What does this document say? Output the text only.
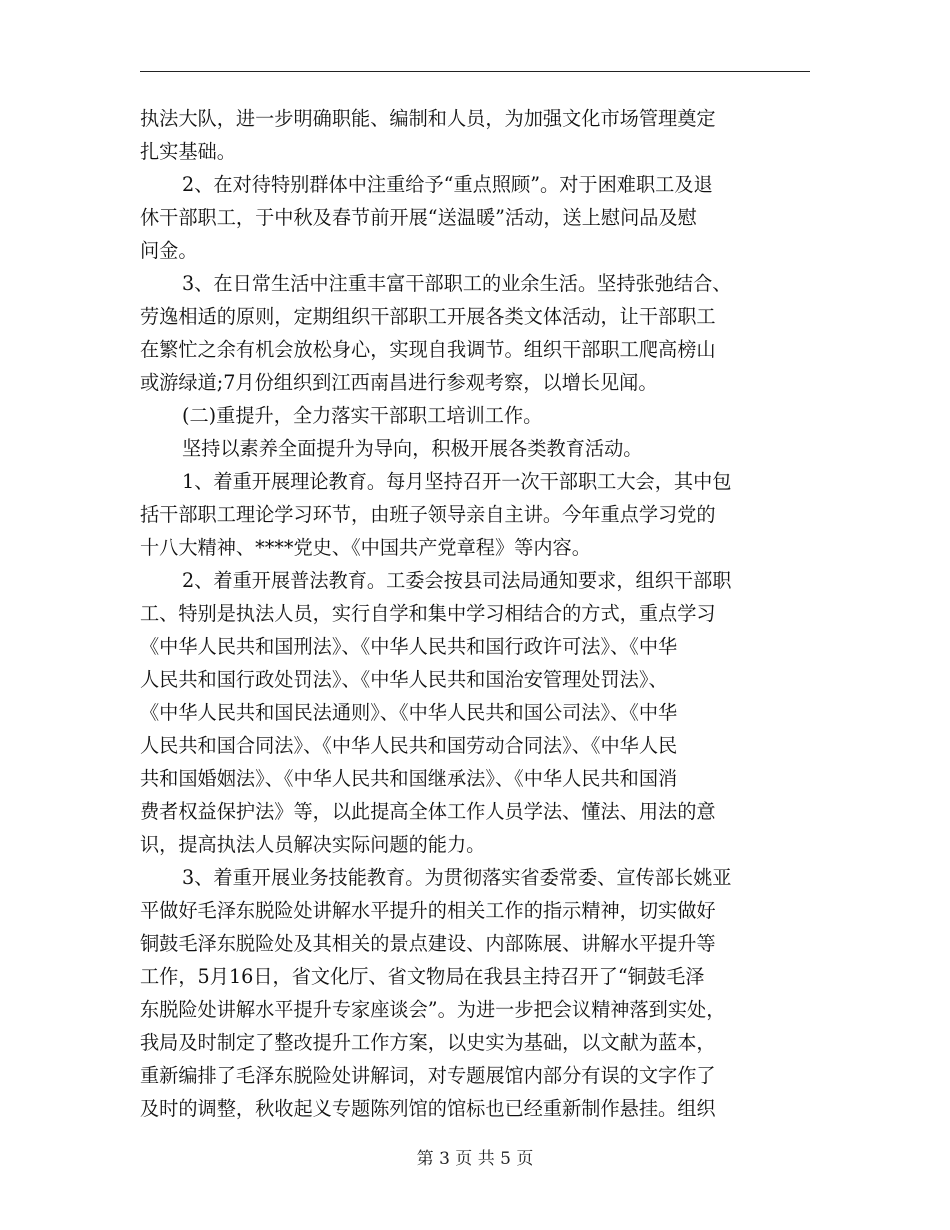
执法大队，进一步明确职能、编制和人员，为加强文化市场管理奠定
扎实基础。
2、在对待特别群体中注重给予“重点照顾”。对于困难职工及退
休干部职工，于中秋及春节前开展“送温暖”活动，送上慰问品及慰
问金。
3、在日常生活中注重丰富干部职工的业余生活。坚持张弛结合、
劳逸相适的原则，定期组织干部职工开展各类文体活动，让干部职工
在繁忙之余有机会放松身心，实现自我调节。组织干部职工爬高榜山
或游绿道;7月份组织到江西南昌进行参观考察，以增长见闻。
(二)重提升，全力落实干部职工培训工作。
坚持以素养全面提升为导向，积极开展各类教育活动。
1、着重开展理论教育。每月坚持召开一次干部职工大会，其中包
括干部职工理论学习环节，由班子领导亲自主讲。今年重点学习党的
十八大精神、****党史、《中国共产党章程》等内容。
2、着重开展普法教育。工委会按县司法局通知要求，组织干部职
工、特别是执法人员，实行自学和集中学习相结合的方式，重点学习
《中华人民共和国刑法》、《中华人民共和国行政许可法》、《中华
人民共和国行政处罚法》、《中华人民共和国治安管理处罚法》、
《中华人民共和国民法通则》、《中华人民共和国公司法》、《中华
人民共和国合同法》、《中华人民共和国劳动合同法》、《中华人民
共和国婚姻法》、《中华人民共和国继承法》、《中华人民共和国消
费者权益保护法》等，以此提高全体工作人员学法、懂法、用法的意
识，提高执法人员解决实际问题的能力。
3、着重开展业务技能教育。为贯彻落实省委常委、宣传部长姚亚
平做好毛泽东脱险处讲解水平提升的相关工作的指示精神，切实做好
铜鼓毛泽东脱险处及其相关的景点建设、内部陈展、讲解水平提升等
工作，5月16日，省文化厅、省文物局在我县主持召开了“铜鼓毛泽
东脱险处讲解水平提升专家座谈会”。为进一步把会议精神落到实处，
我局及时制定了整改提升工作方案，以史实为基础，以文献为蓝本，
重新编排了毛泽东脱险处讲解词，对专题展馆内部分有误的文字作了
及时的调整，秋收起义专题陈列馆的馆标也已经重新制作悬挂。组织
第 3 页 共 5 页
